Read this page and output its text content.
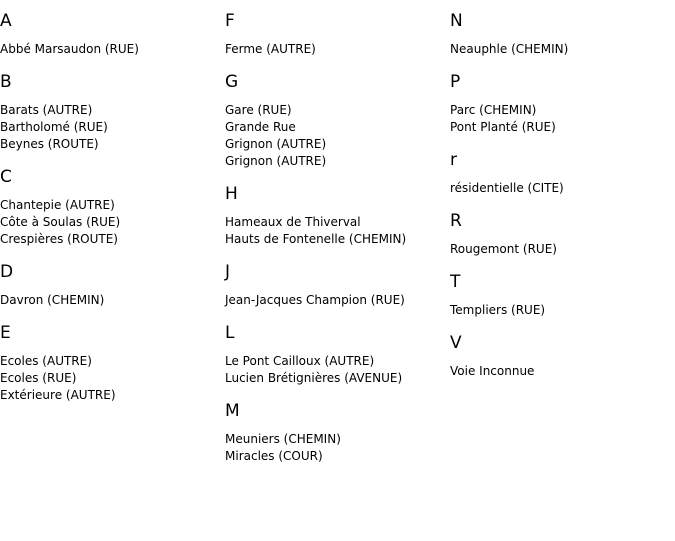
A
Abbé Marsaudon (RUE)
B
Barats (AUTRE)
Bartholomé (RUE)
Beynes (ROUTE)
C
Chantepie (AUTRE)
Côte à Soulas (RUE)
Crespières (ROUTE)
D
Davron (CHEMIN)
E
Ecoles (AUTRE)
Ecoles (RUE)
Extérieure (AUTRE)
F
Ferme (AUTRE)
G
Gare (RUE)
Grande Rue
Grignon (AUTRE)
Grignon (AUTRE)
H
Hameaux de Thiverval
Hauts de Fontenelle (CHEMIN)
J
Jean-Jacques Champion (RUE)
L
Le Pont Cailloux (AUTRE)
Lucien Brétignières (AVENUE)
M
Meuniers (CHEMIN)
Miracles (COUR)
N
Neauphle (CHEMIN)
P
Parc (CHEMIN)
Pont Planté (RUE)
r
résidentielle (CITE)
R
Rougemont (RUE)
T
Templiers (RUE)
V
Voie Inconnue
